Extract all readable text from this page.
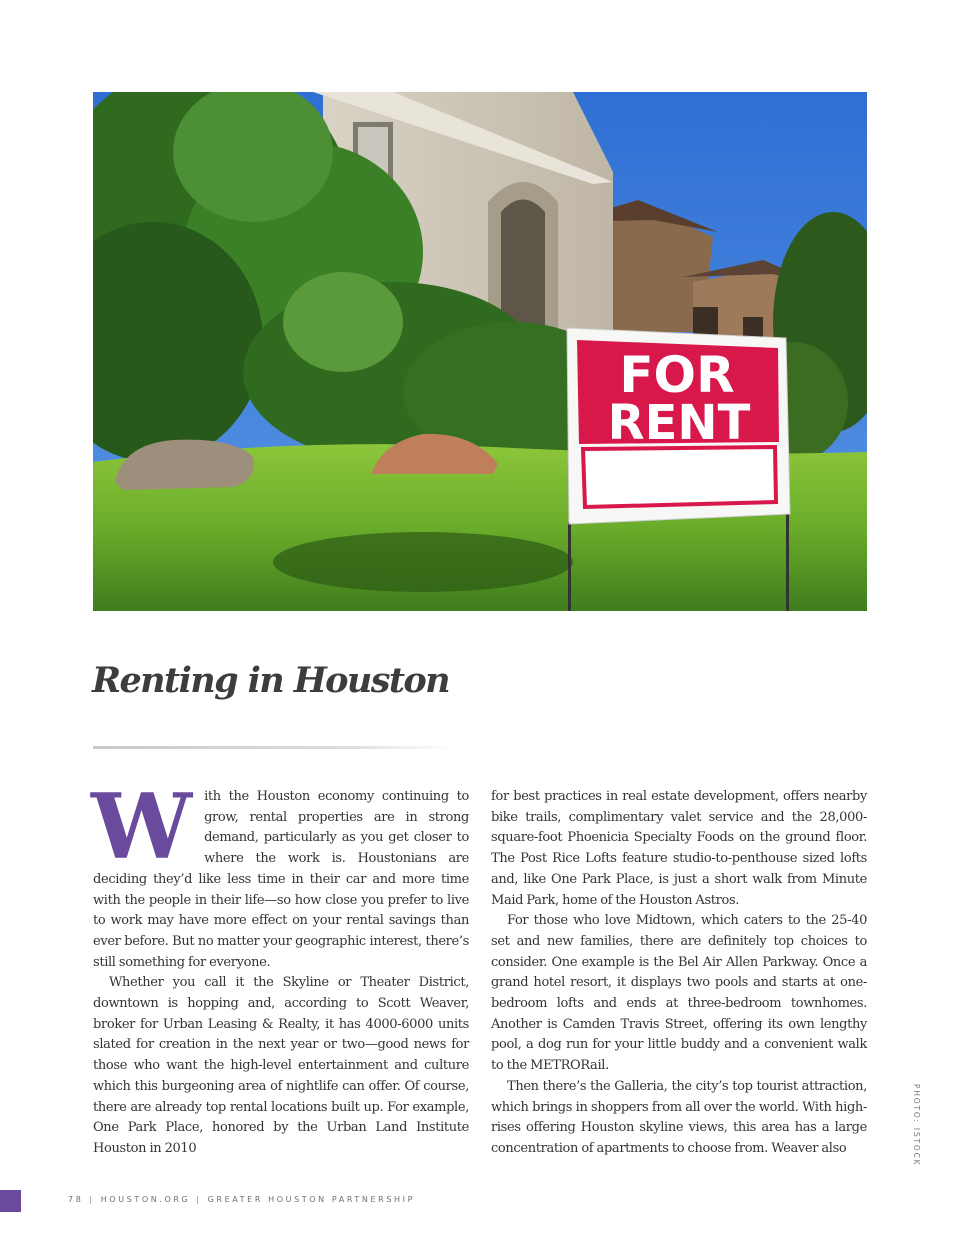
FOR
RENT
Renting in Houston
W	ith the Houston economy continuing to grow, rental properties are in strong demand, particularly as you get closer to where the work is. Houstonians are deciding they’d like less time in their car and more time with the people in their life—so how close you prefer to live to work may have more effect on your rental savings than ever before. But no matter your geographic interest, there’s still something for everyone.

Whether you call it the Skyline or Theater District, downtown is hopping and, according to Scott Weaver, broker for Urban Leasing & Realty, it has 4000-6000 units slated for creation in the next year or two—good news for those who want the high-level entertainment and culture which this burgeoning area of nightlife can offer. Of course, there are already top rental locations built up. For example, One Park Place, honored by the Urban Land Institute Houston in 2010

for best practices in real estate development, offers nearby bike trails, complimentary valet service and the 28,000-square-foot Phoenicia Specialty Foods on the ground floor. The Post Rice Lofts feature studio-to-penthouse sized lofts and, like One Park Place, is just a short walk from Minute Maid Park, home of the Houston Astros.

For those who love Midtown, which caters to the 25-40 set and new families, there are definitely top choices to consider. One example is the Bel Air Allen Parkway. Once a grand hotel resort, it displays two pools and starts at one-bedroom lofts and ends at three-bedroom townhomes. Another is Camden Travis Street, offering its own lengthy pool, a dog run for your little buddy and a convenient walk to the METRORail.

Then there’s the Galleria, the city’s top tourist attraction, which brings in shoppers from all over the world. With high-rises offering Houston skyline views, this area has a large concentration of apartments to choose from. Weaver also	PHOTO: ISTOCK
78 | HOUSTON.ORG | GREATER HOUSTON PARTNERSHIP
